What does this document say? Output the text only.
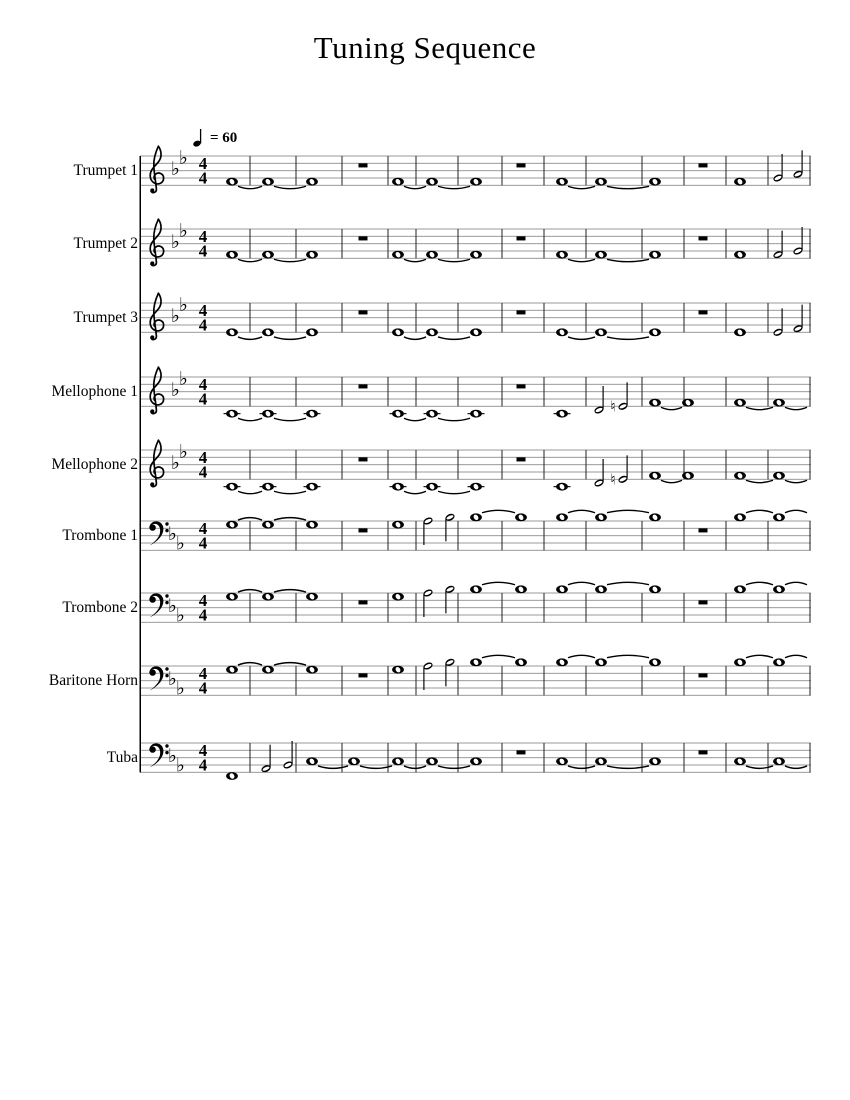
Tuning Sequence
= 60
Trumpet 1
Trumpet 2
Trumpet 3
Mellophone 1
Mellophone 2
Trombone 1
Trombone 2
Baritone Horn
Tuba
♭ ♭ 4
4
♭ ♭ 4
4
♭ ♭ 4
4
♭ ♭ 4
4	♮
♭ ♭ 4
4	♮
♭ ♭
4
4
♭ ♭
4
4
♭ ♭
4
4
♭ ♭
4
4
